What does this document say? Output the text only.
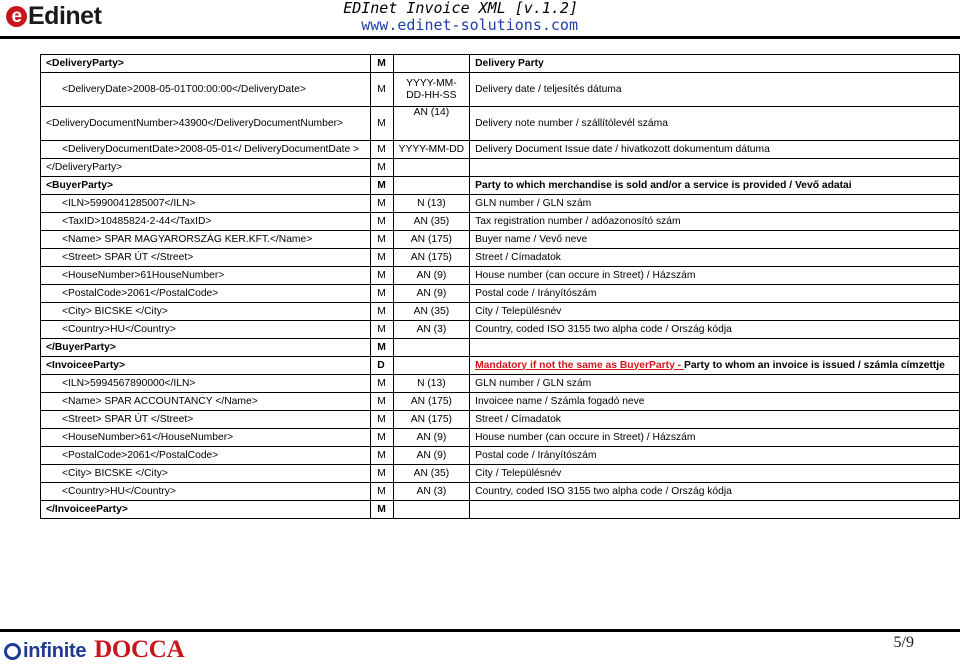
e Edinet	EDInet Invoice XML [v.1.2]
www.edinet-solutions.com
<DeliveryParty>	M		Delivery Party
<DeliveryDate>2008-05-01T00:00:00</DeliveryDate>	M	YYYY-MM-DD-HH-SS	Delivery date / teljesítés dátuma
<DeliveryDocumentNumber>43900</DeliveryDocumentNumber>	M	AN (14)	Delivery note number / szállítólevél száma
<DeliveryDocumentDate>2008-05-01</ DeliveryDocumentDate >	M	YYYY-MM-DD	Delivery Document Issue date / hivatkozott dokumentum dátuma
</DeliveryParty>	M		
<BuyerParty>	M		Party to which merchandise is sold and/or a service is provided / Vevő adatai
<ILN>5990041285007</ILN>	M	N (13)	GLN number / GLN szám
<TaxID>10485824-2-44</TaxID>	M	AN (35)	Tax registration number / adóazonosító szám
<Name> SPAR MAGYARORSZÁG KER.KFT.</Name>	M	AN (175)	Buyer name / Vevő neve
<Street> SPAR ÚT </Street>	M	AN (175)	Street / Címadatok
<HouseNumber>61HouseNumber>	M	AN (9)	House number (can occure in Street) / Házszám
<PostalCode>2061</PostalCode>	M	AN (9)	Postal code / Irányítószám
<City> BICSKE </City>	M	AN (35)	City / Településnév
<Country>HU</Country>	M	AN (3)	Country, coded ISO 3155 two alpha code / Ország kódja
</BuyerParty>	M		
<InvoiceeParty>	D		Mandatory if not the same as BuyerParty - Party to whom an invoice is issued / számla címzettje
<ILN>5994567890000</ILN>	M	N (13)	GLN number / GLN szám
<Name> SPAR ACCOUNTANCY </Name>	M	AN (175)	Invoicee name / Számla fogadó neve
<Street> SPAR ÚT </Street>	M	AN (175)	Street / Címadatok
<HouseNumber>61</HouseNumber>	M	AN (9)	House number (can occure in Street) / Házszám
<PostalCode>2061</PostalCode>	M	AN (9)	Postal code / Irányítószám
<City> BICSKE </City>	M	AN (35)	City / Településnév
<Country>HU</Country>	M	AN (3)	Country, coded ISO 3155 two alpha code / Ország kódja
</InvoiceeParty>	M		
infinite DOCCA	5/9
